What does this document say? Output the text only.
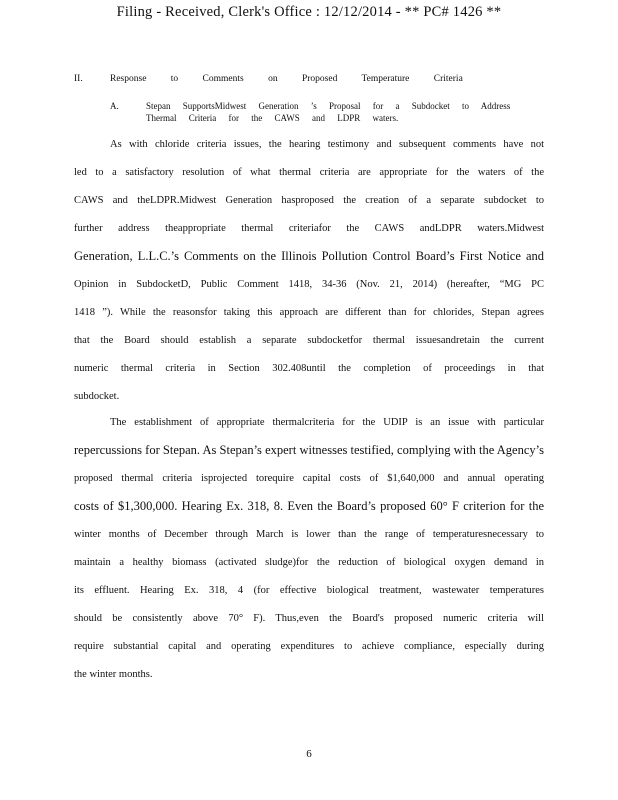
Filing - Received, Clerk's Office : 12/12/2014 - ** PC# 1426 **
II.	Response to Comments on Proposed Temperature Criteria
A.	Stepan SupportsMidwest Generation ’s Proposal for a Subdocket to Address
Thermal Criteria for the CAWS and LDPR waters.
As with chloride criteria issues, the hearing testimony and subsequent comments have not
led to a satisfactory resolution of what thermal criteria are appropriate for the waters of the
CAWS and theLDPR.Midwest Generation hasproposed the creation of a separate subdocket to
further address theappropriate thermal criteriafor the CAWS andLDPR waters.Midwest
Generation, L.L.C.’s Comments on the Illinois Pollution Control Board’s First Notice and
Opinion in SubdocketD, Public Comment 1418, 34-36 (Nov. 21, 2014) (hereafter, “MG PC
1418 ”). While the reasonsfor taking this approach are different than for chlorides, Stepan agrees
that the Board should establish a separate subdocketfor thermal issuesandretain the current
numeric thermal criteria in Section 302.408until the completion of proceedings in that
subdocket.
The establishment of appropriate thermalcriteria for the UDIP is an issue with particular
repercussions for Stepan. As Stepan’s expert witnesses testified, complying with the Agency’s
proposed thermal criteria isprojected torequire capital costs of $1,640,000 and annual operating
costs of $1,300,000. Hearing Ex. 318, 8. Even the Board’s proposed 60° F criterion for the
winter months of December through March is lower than the range of temperaturesnecessary to
maintain a healthy biomass (activated sludge)for the reduction of biological oxygen demand in
its effluent. Hearing Ex. 318, 4 (for effective biological treatment, wastewater temperatures
should be consistently above 70° F). Thus,even the Board's proposed numeric criteria will
require substantial capital and operating expenditures to achieve compliance, especially during
the winter months.
6
